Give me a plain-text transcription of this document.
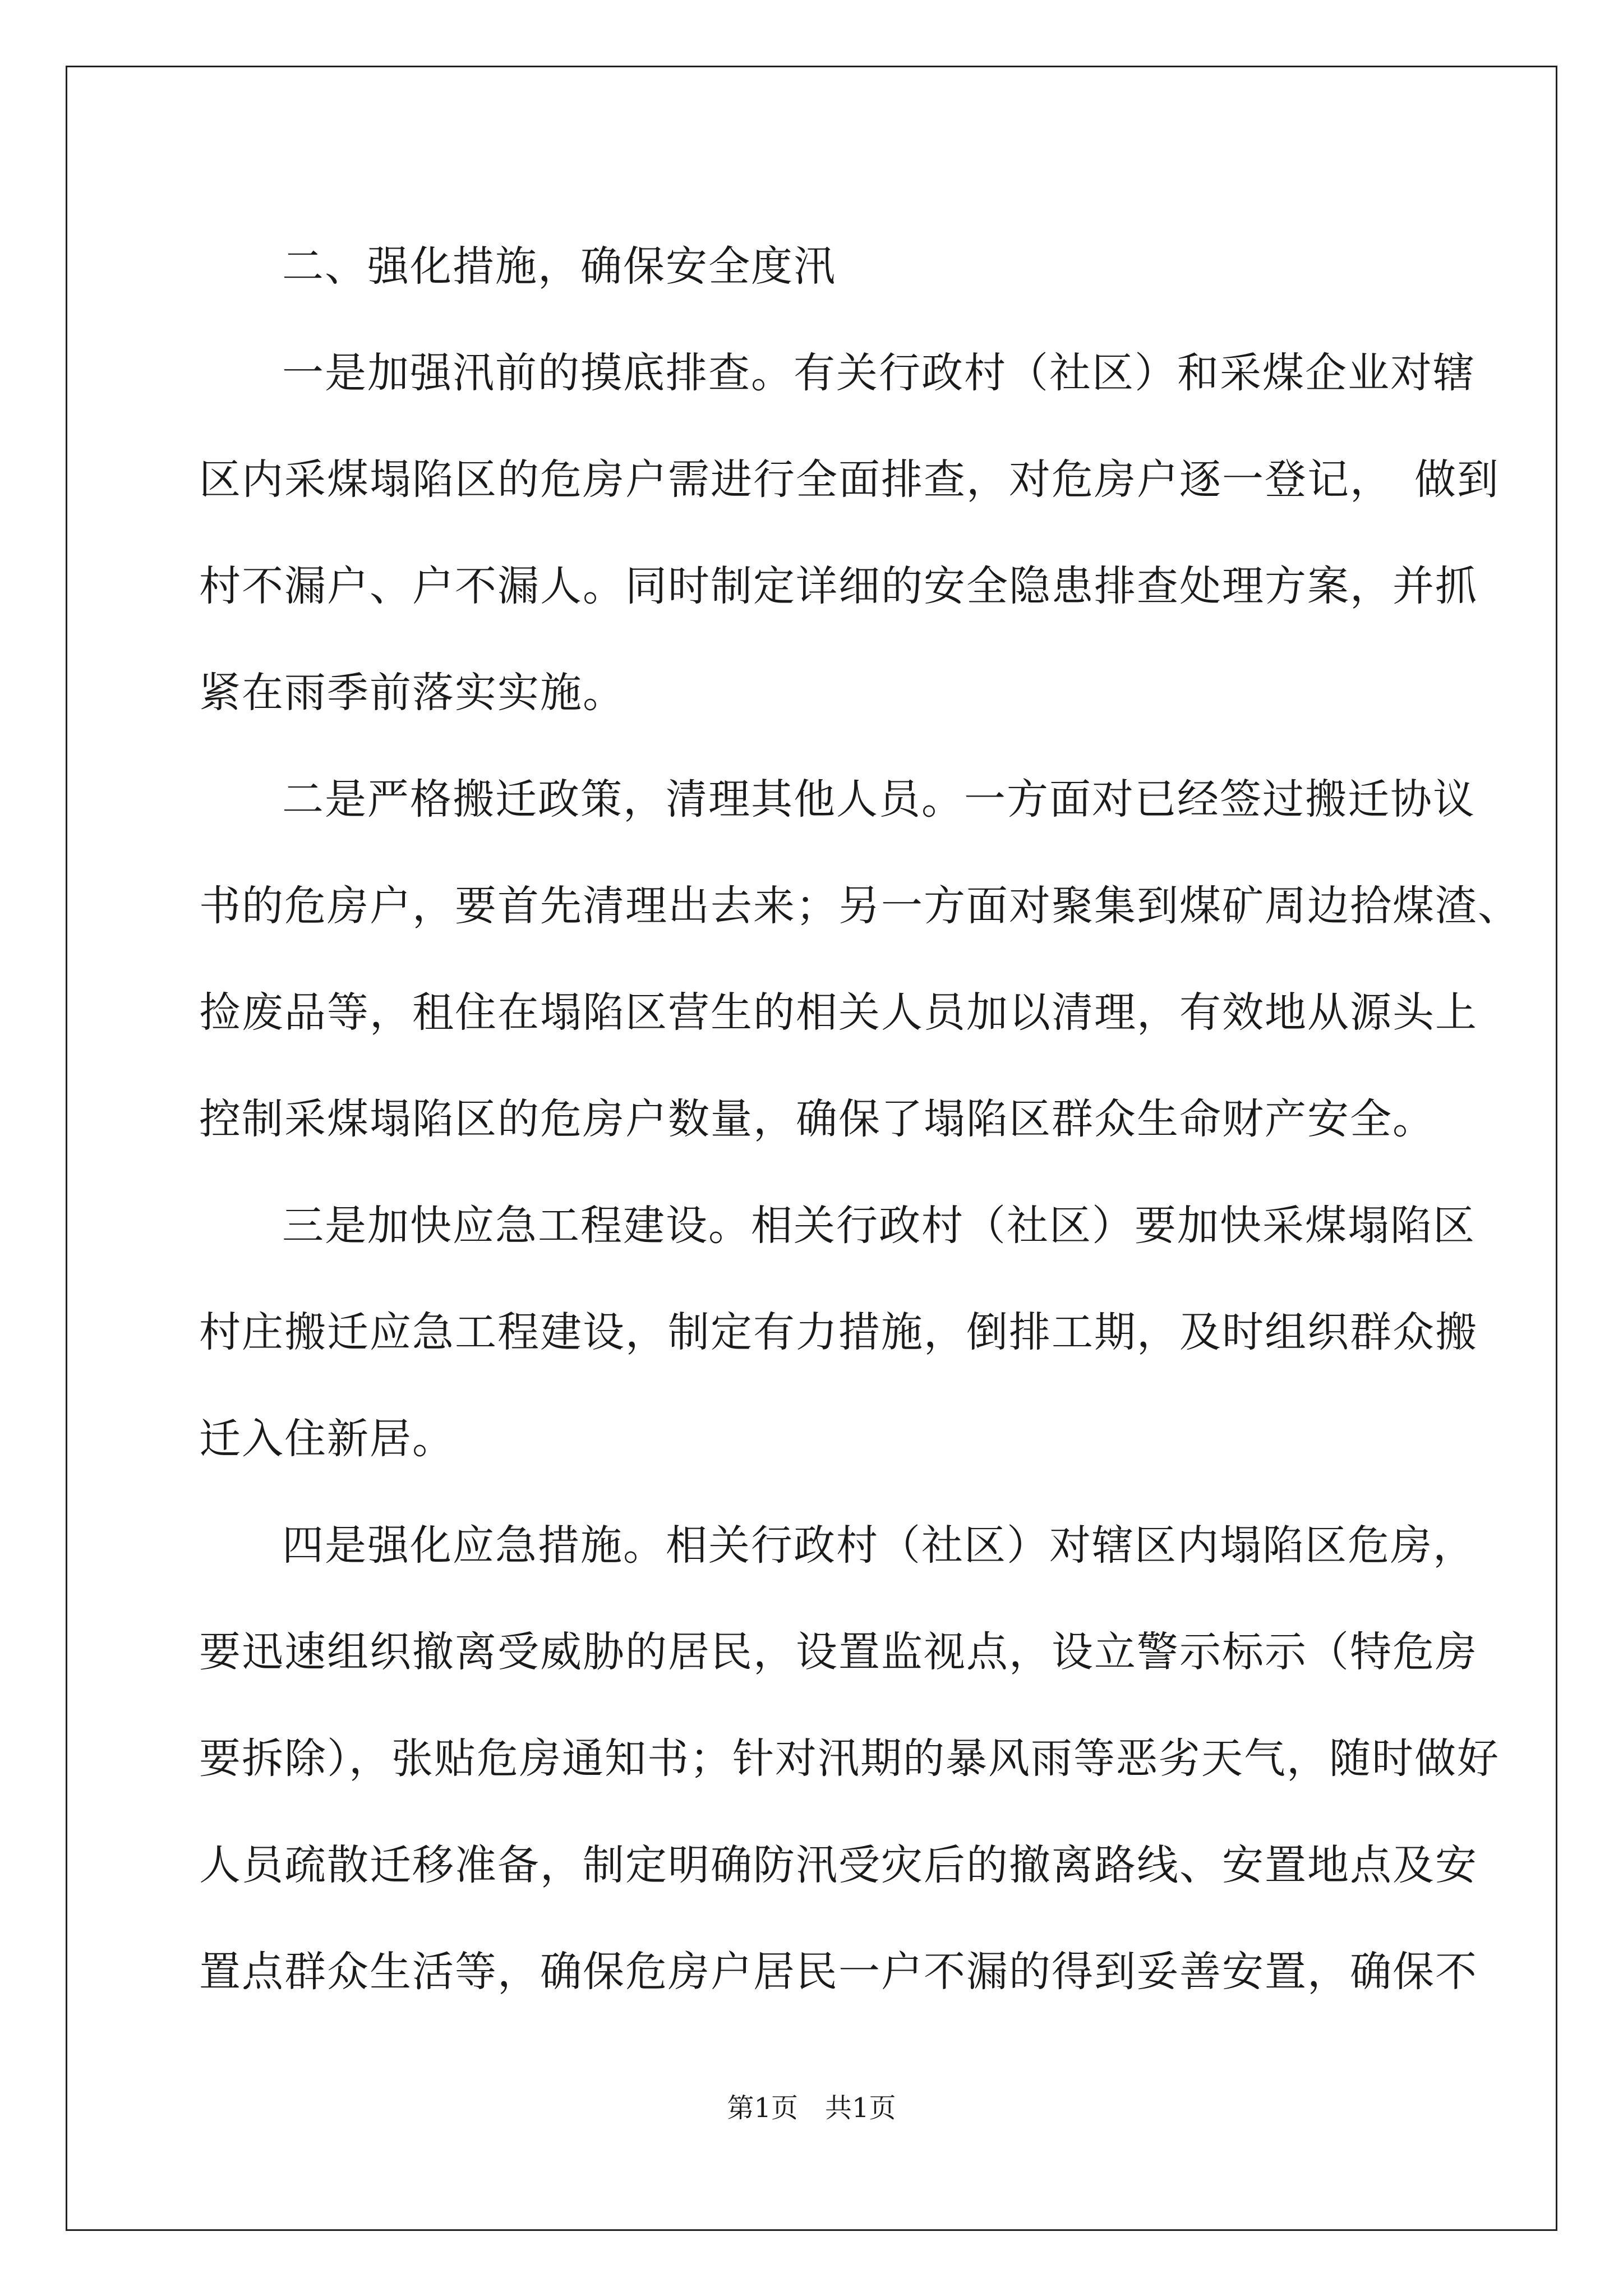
二、强化措施，确保安全度汛
一是加强汛前的摸底排查。有关行政村（社区）和采煤企业对辖
区内采煤塌陷区的危房户需进行全面排查，对危房户逐一登记，　做到
村不漏户、户不漏人。同时制定详细的安全隐患排查处理方案，并抓
紧在雨季前落实实施。
二是严格搬迁政策，清理其他人员。一方面对已经签过搬迁协议
书的危房户，要首先清理出去来；另一方面对聚集到煤矿周边拾煤渣、
捡废品等，租住在塌陷区营生的相关人员加以清理，有效地从源头上
控制采煤塌陷区的危房户数量，确保了塌陷区群众生命财产安全。
三是加快应急工程建设。相关行政村（社区）要加快采煤塌陷区
村庄搬迁应急工程建设，制定有力措施，倒排工期，及时组织群众搬
迁入住新居。
四是强化应急措施。相关行政村（社区）对辖区内塌陷区危房，
要迅速组织撤离受威胁的居民，设置监视点，设立警示标示（特危房
要拆除），张贴危房通知书；针对汛期的暴风雨等恶劣天气，随时做好
人员疏散迁移准备，制定明确防汛受灾后的撤离路线、安置地点及安
置点群众生活等，确保危房户居民一户不漏的得到妥善安置，确保不
第1页　共1页
